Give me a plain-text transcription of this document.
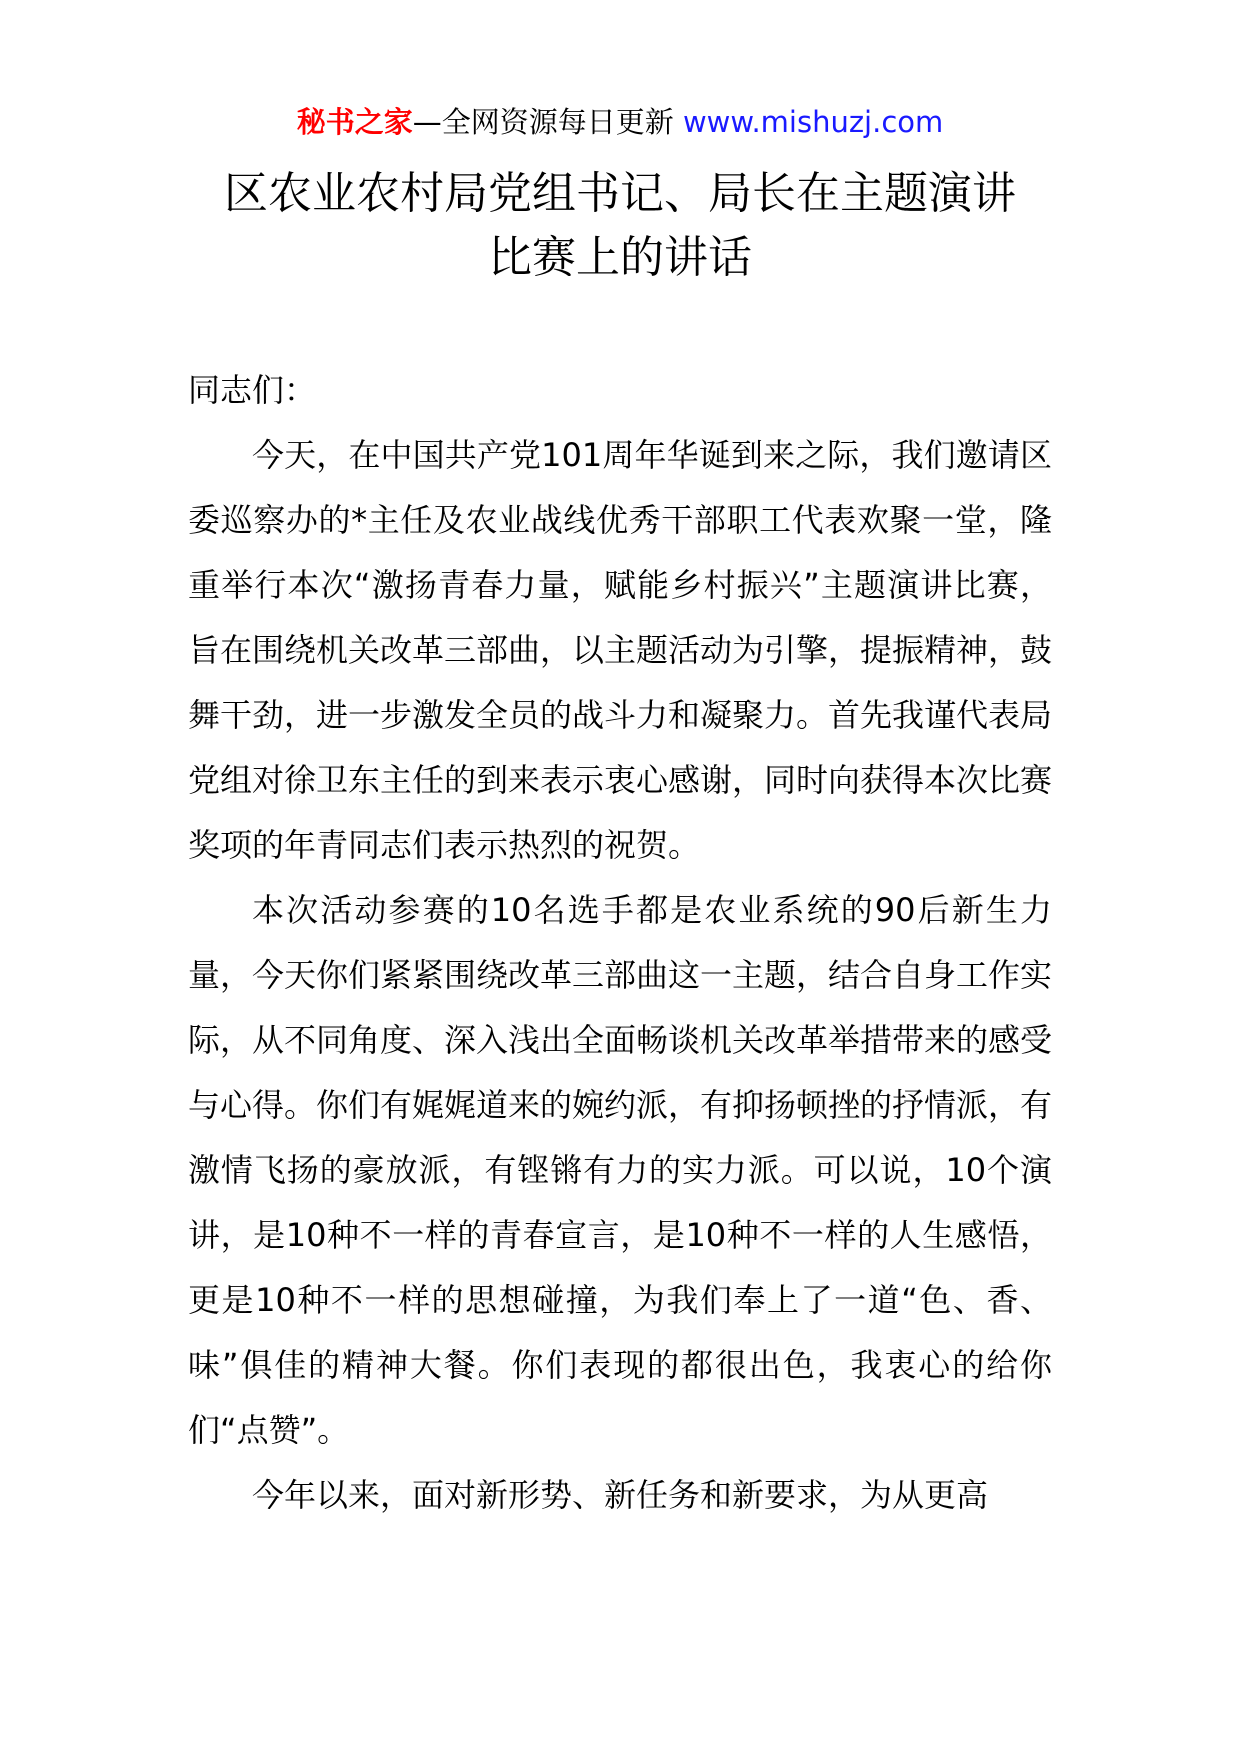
秘书之家—全网资源每日更新 www.mishuzj.com
区农业农村局党组书记、局长在主题演讲
比赛上的讲话

同志们：

今天，在中国共产党101周年华诞到来之际，我们邀请区委巡察办的*主任及农业战线优秀干部职工代表欢聚一堂，隆重举行本次“激扬青春力量，赋能乡村振兴”主题演讲比赛，旨在围绕机关改革三部曲，以主题活动为引擎，提振精神，鼓舞干劲，进一步激发全员的战斗力和凝聚力。首先我谨代表局党组对徐卫东主任的到来表示衷心感谢，同时向获得本次比赛奖项的年青同志们表示热烈的祝贺。

本次活动参赛的10名选手都是农业系统的90后新生力量，今天你们紧紧围绕改革三部曲这一主题，结合自身工作实际，从不同角度、深入浅出全面畅谈机关改革举措带来的感受与心得。你们有娓娓道来的婉约派，有抑扬顿挫的抒情派，有激情飞扬的豪放派，有铿锵有力的实力派。可以说，10个演讲，是10种不一样的青春宣言，是10种不一样的人生感悟，更是10种不一样的思想碰撞，为我们奉上了一道“色、香、味”俱佳的精神大餐。你们表现的都很出色，我衷心的给你们“点赞”。

今年以来，面对新形势、新任务和新要求，为从更高
